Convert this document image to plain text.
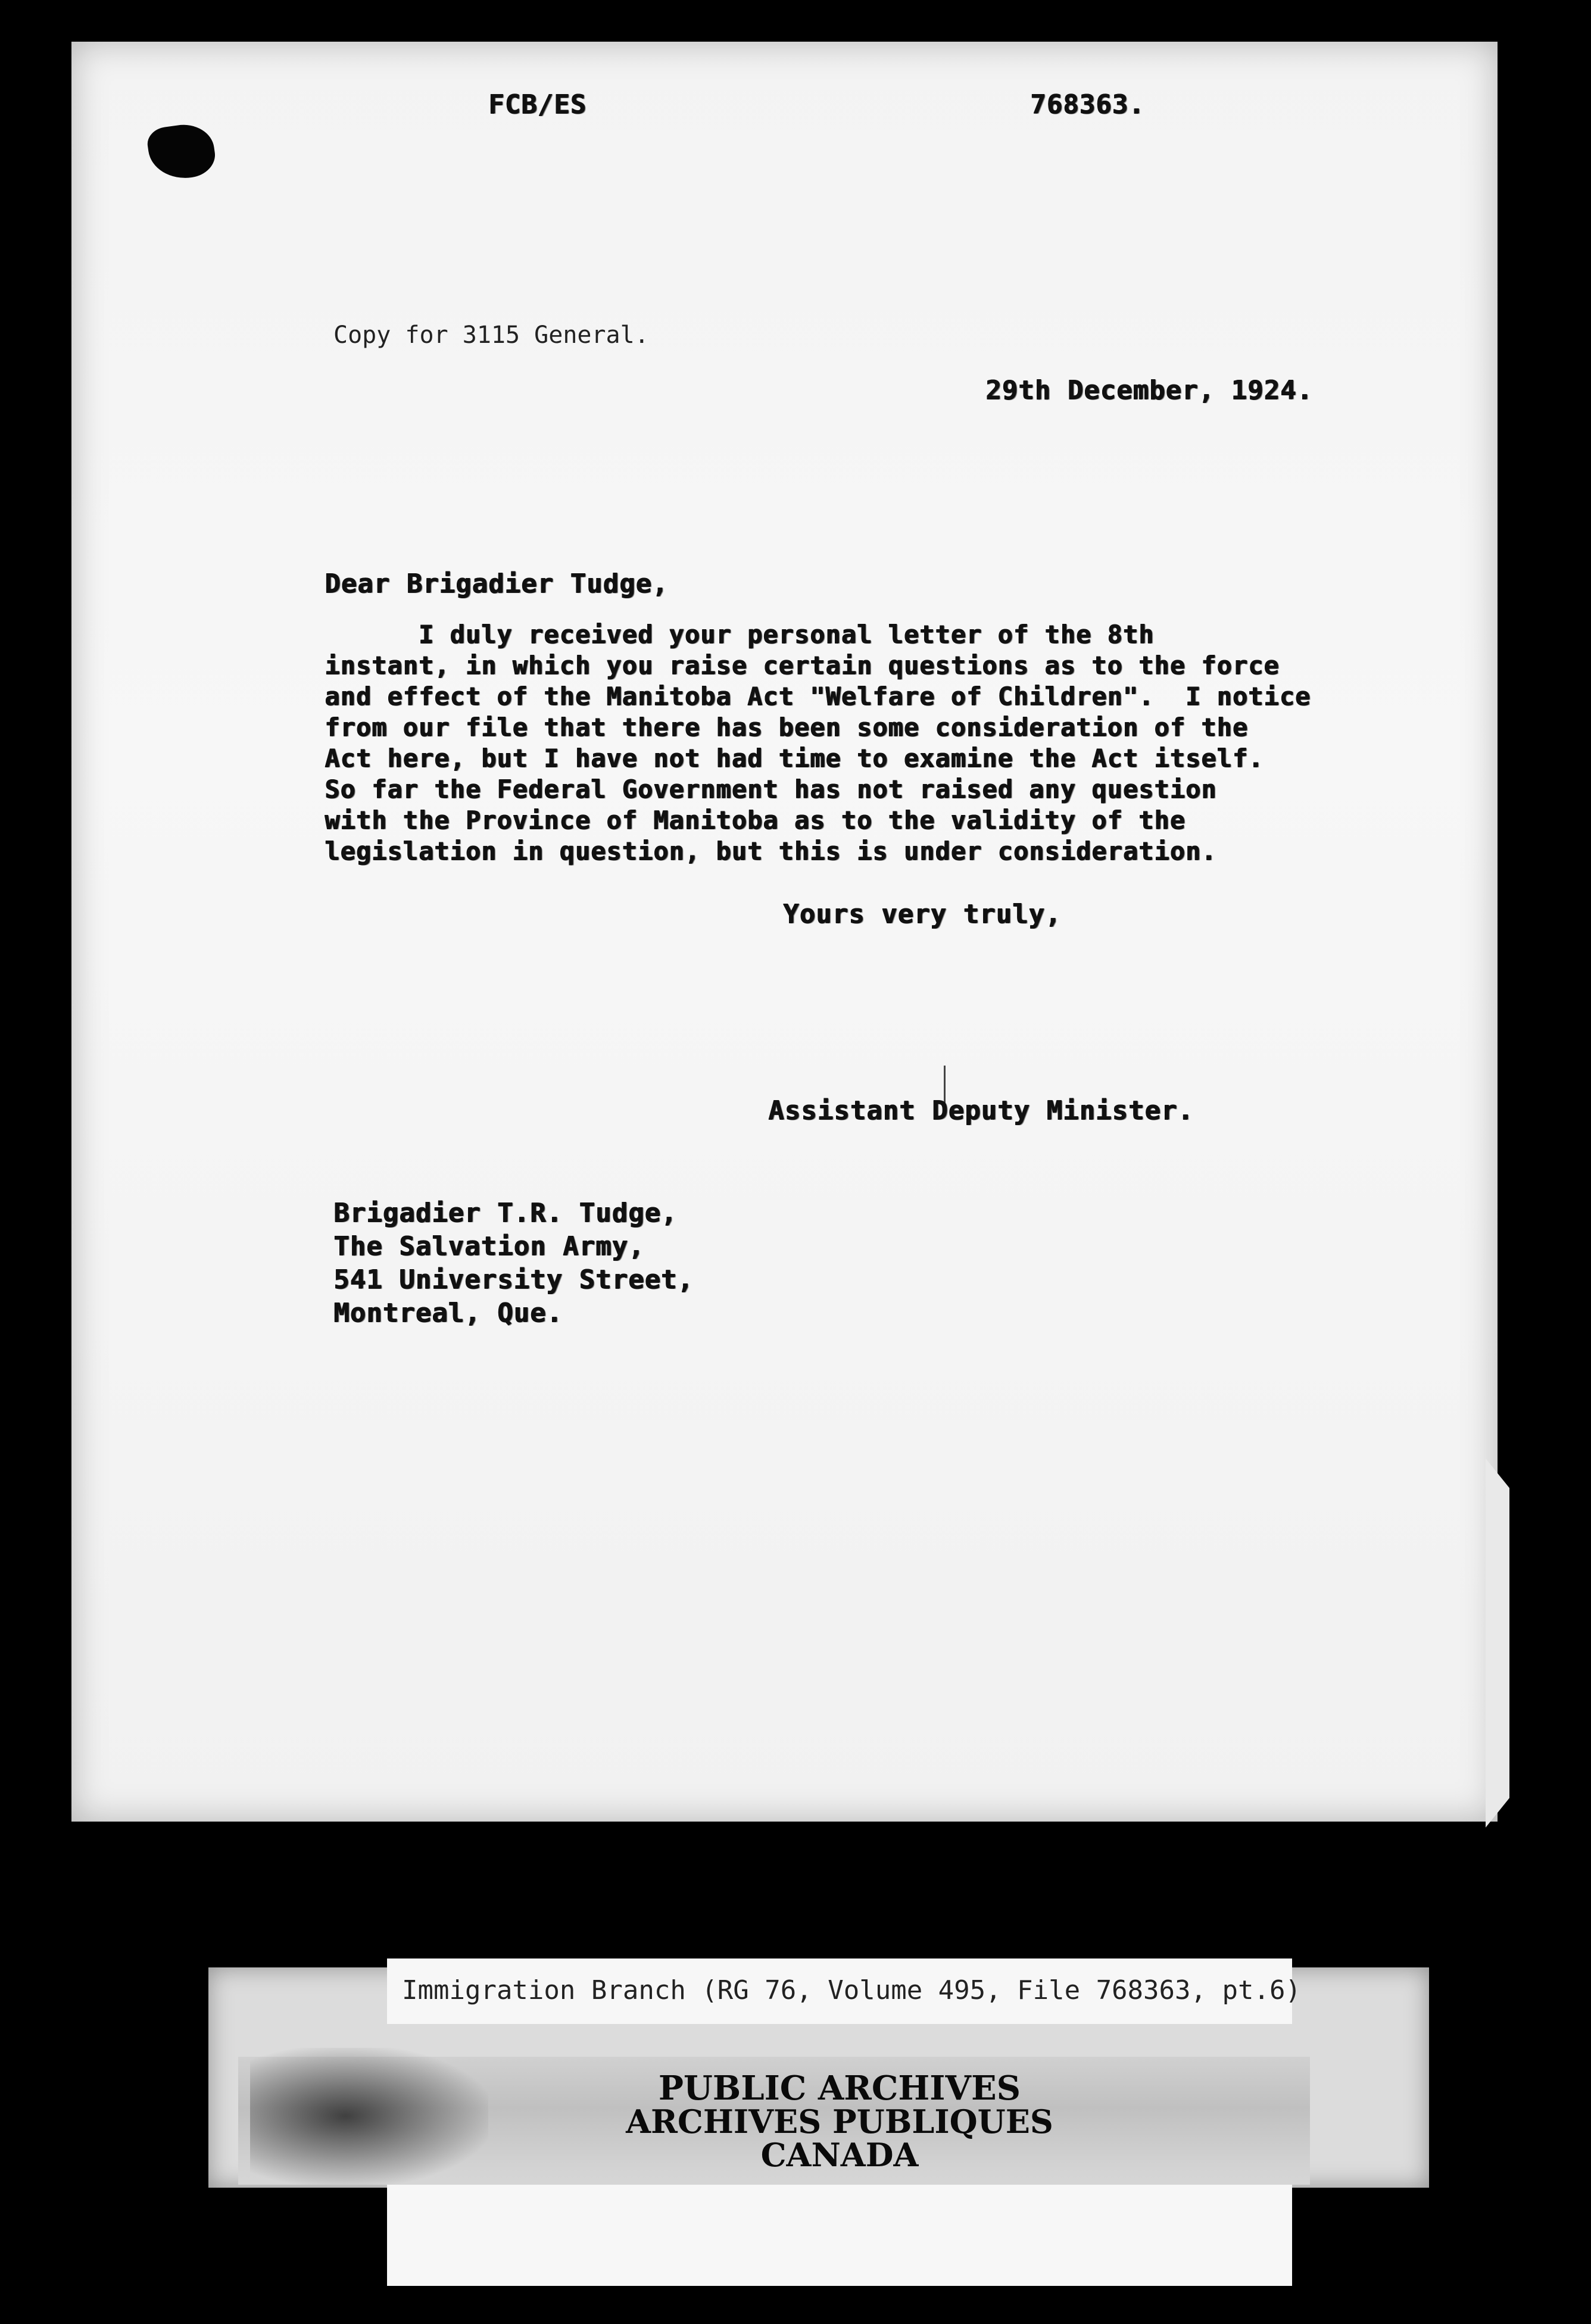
FCB/ES	768363.
Copy for 3115 General.
29th December, 1924.
Dear Brigadier Tudge,
I duly received your personal letter of the 8th
instant, in which you raise certain questions as to the force
and effect of the Manitoba Act "Welfare of Children".  I notice
from our file that there has been some consideration of the
Act here, but I have not had time to examine the Act itself.
So far the Federal Government has not raised any question
with the Province of Manitoba as to the validity of the
legislation in question, but this is under consideration.
Yours very truly,
Assistant Deputy Minister.
Brigadier T.R. Tudge,
The Salvation Army,
541 University Street,
Montreal, Que.
Immigration Branch (RG 76, Volume 495, File 768363, pt.6)
PUBLIC ARCHIVES
ARCHIVES PUBLIQUES
CANADA
